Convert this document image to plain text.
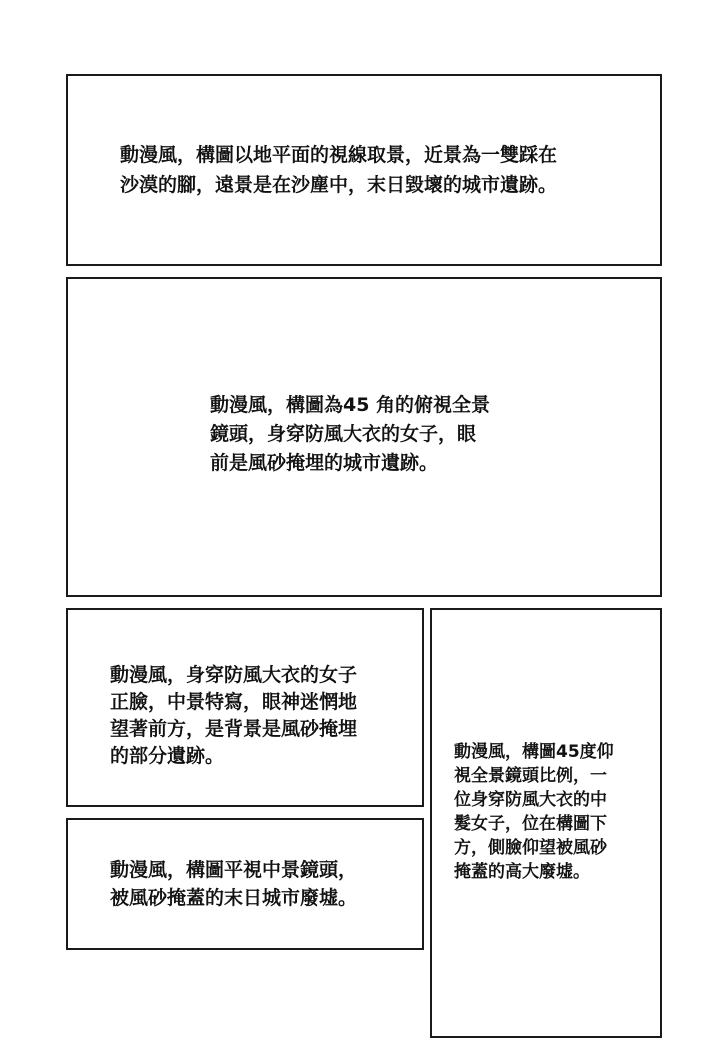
動漫風，構圖以地平面的視線取景，近景為一雙踩在
沙漠的腳，遠景是在沙塵中，末日毀壞的城市遺跡。

動漫風，構圖為45 角的俯視全景
鏡頭，身穿防風大衣的女子，眼
前是風砂掩埋的城市遺跡。

動漫風，身穿防風大衣的女子
正臉，中景特寫，眼神迷惘地
望著前方，是背景是風砂掩埋
的部分遺跡。

動漫風，構圖平視中景鏡頭，
被風砂掩蓋的末日城市廢墟。

動漫風，構圖45度仰
視全景鏡頭比例，一
位身穿防風大衣的中
髮女子，位在構圖下
方，側臉仰望被風砂
掩蓋的高大廢墟。
